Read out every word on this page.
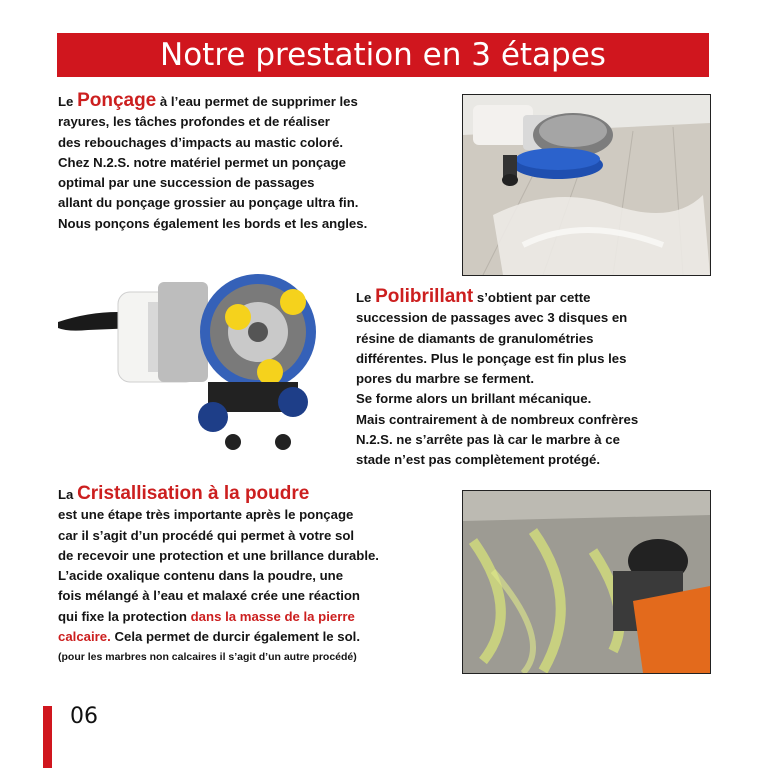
Notre prestation en 3 étapes
Le Ponçage à l’eau permet de supprimer les
rayures, les tâches profondes et de réaliser
des rebouchages d’impacts au mastic coloré.
Chez N.2.S. notre matériel permet un ponçage
optimal par une succession de passages
allant du ponçage grossier au ponçage ultra fin.
Nous ponçons également les bords et les angles.
Le Polibrillant s’obtient par cette
succession de passages avec 3 disques en
résine de diamants de granulométries
différentes. Plus le ponçage est fin plus les
pores du marbre se ferment.
Se forme alors un brillant mécanique.
Mais contrairement à de nombreux confrères
N.2.S. ne s’arrête pas là car le marbre à ce
stade n’est pas complètement protégé.
La Cristallisation à la poudre
est une étape très importante après le ponçage
car il s’agit d’un procédé qui permet à votre sol
de recevoir une protection et une brillance durable.
L’acide oxalique contenu dans la poudre, une
fois mélangé à l’eau et malaxé crée une réaction
qui fixe la protection dans la masse de la pierre
calcaire. Cela permet de durcir également le sol.
(pour les marbres non calcaires il s’agit d’un autre procédé)
06
